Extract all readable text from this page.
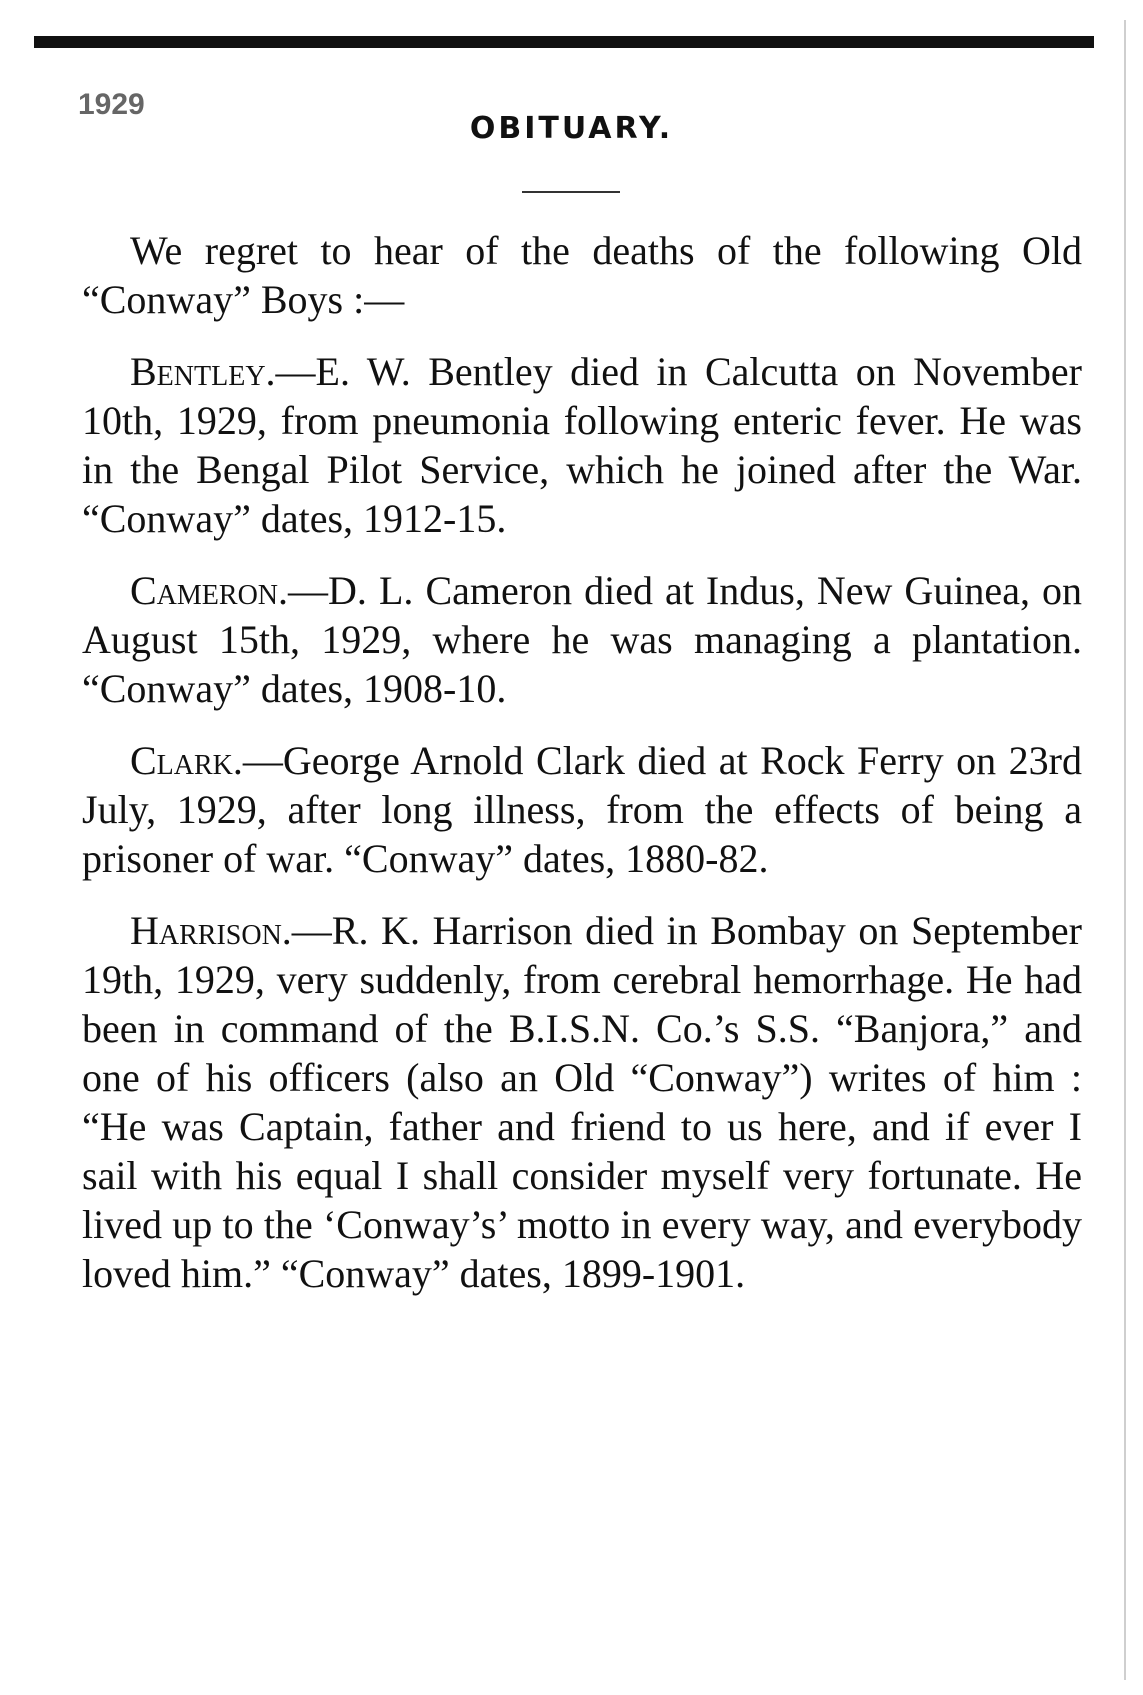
1929
OBITUARY.

We regret to hear of the deaths of the following Old “Conway” Boys :—

Bentley.—E. W. Bentley died in Calcutta on November 10th, 1929, from pneumonia following enteric fever. He was in the Bengal Pilot Service, which he joined after the War. “Conway” dates, 1912-15.

Cameron.—D. L. Cameron died at Indus, New Guinea, on August 15th, 1929, where he was managing a plantation. “Conway” dates, 1908-10.

Clark.—George Arnold Clark died at Rock Ferry on 23rd July, 1929, after long illness, from the effects of being a prisoner of war. “Conway” dates, 1880-82.

Harrison.—R. K. Harrison died in Bombay on September 19th, 1929, very suddenly, from cerebral hemorrhage. He had been in command of the B.I.S.N. Co.’s S.S. “Banjora,” and one of his officers (also an Old “Conway”) writes of him : “He was Captain, father and friend to us here, and if ever I sail with his equal I shall consider myself very fortunate. He lived up to the ‘Conway’s’ motto in every way, and everybody loved him.” “Conway” dates, 1899-1901.
